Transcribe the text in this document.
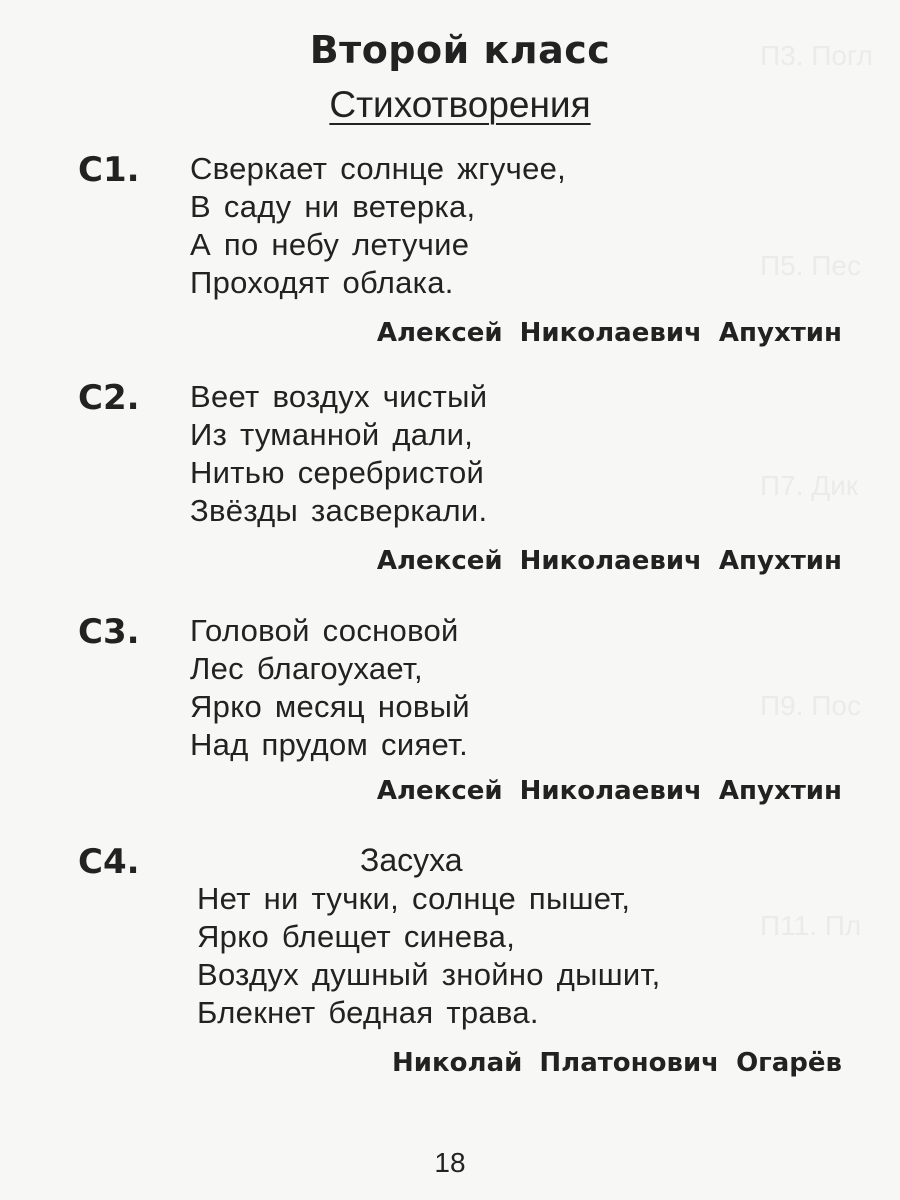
П3. Погл
П5. Пес
П7. Дик
П9. Пос
П11. Пл
Второй класс
Стихотворения
С1. Сверкает солнце жгучее,
В саду ни ветерка,
А по небу летучие
Проходят облака.
Алексей Николаевич Апухтин
С2. Веет воздух чистый
Из туманной дали,
Нитью серебристой
Звёзды засверкали.
Алексей Николаевич Апухтин
С3. Головой сосновой
Лес благоухает,
Ярко месяц новый
Над прудом сияет.
Алексей Николаевич Апухтин
С4.	Засуха
Нет ни тучки, солнце пышет,
Ярко блещет синева,
Воздух душный знойно дышит,
Блекнет бедная трава.
Николай Платонович Огарёв
18
